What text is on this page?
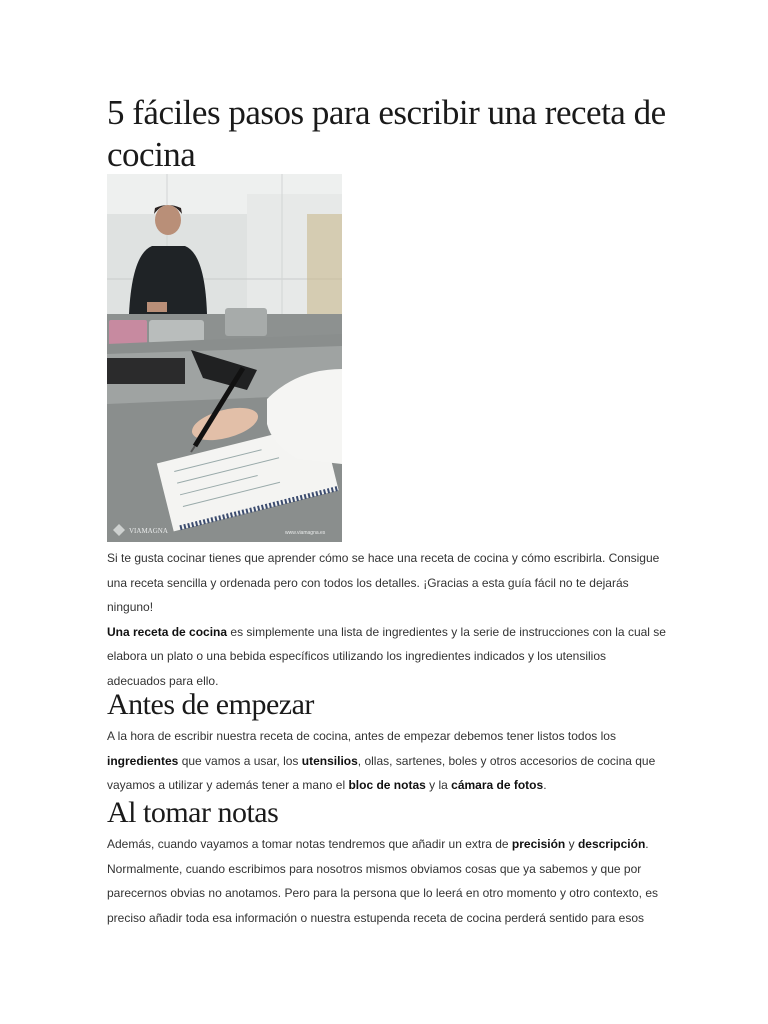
5 fáciles pasos para escribir una receta de cocina
VIAMAGNA	www.viamagna.es

Si te gusta cocinar tienes que aprender cómo se hace una receta de cocina y cómo escribirla. Consigue una receta sencilla y ordenada pero con todos los detalles. ¡Gracias a esta guía fácil no te dejarás ninguno!

Una receta de cocina es simplemente una lista de ingredientes y la serie de instrucciones con la cual se elabora un plato o una bebida específicos utilizando los ingredientes indicados y los utensilios adecuados para ello.

Antes de empezar

A la hora de escribir nuestra receta de cocina, antes de empezar debemos tener listos todos los ingredientes que vamos a usar, los utensilios, ollas, sartenes, boles y otros accesorios de cocina que vayamos a utilizar y además tener a mano el bloc de notas y la cámara de fotos.

Al tomar notas

Además, cuando vayamos a tomar notas tendremos que añadir un extra de precisión y descripción. Normalmente, cuando escribimos para nosotros mismos obviamos cosas que ya sabemos y que por parecernos obvias no anotamos. Pero para la persona que lo leerá en otro momento y otro contexto, es preciso añadir toda esa información o nuestra estupenda receta de cocina perderá sentido para esos
